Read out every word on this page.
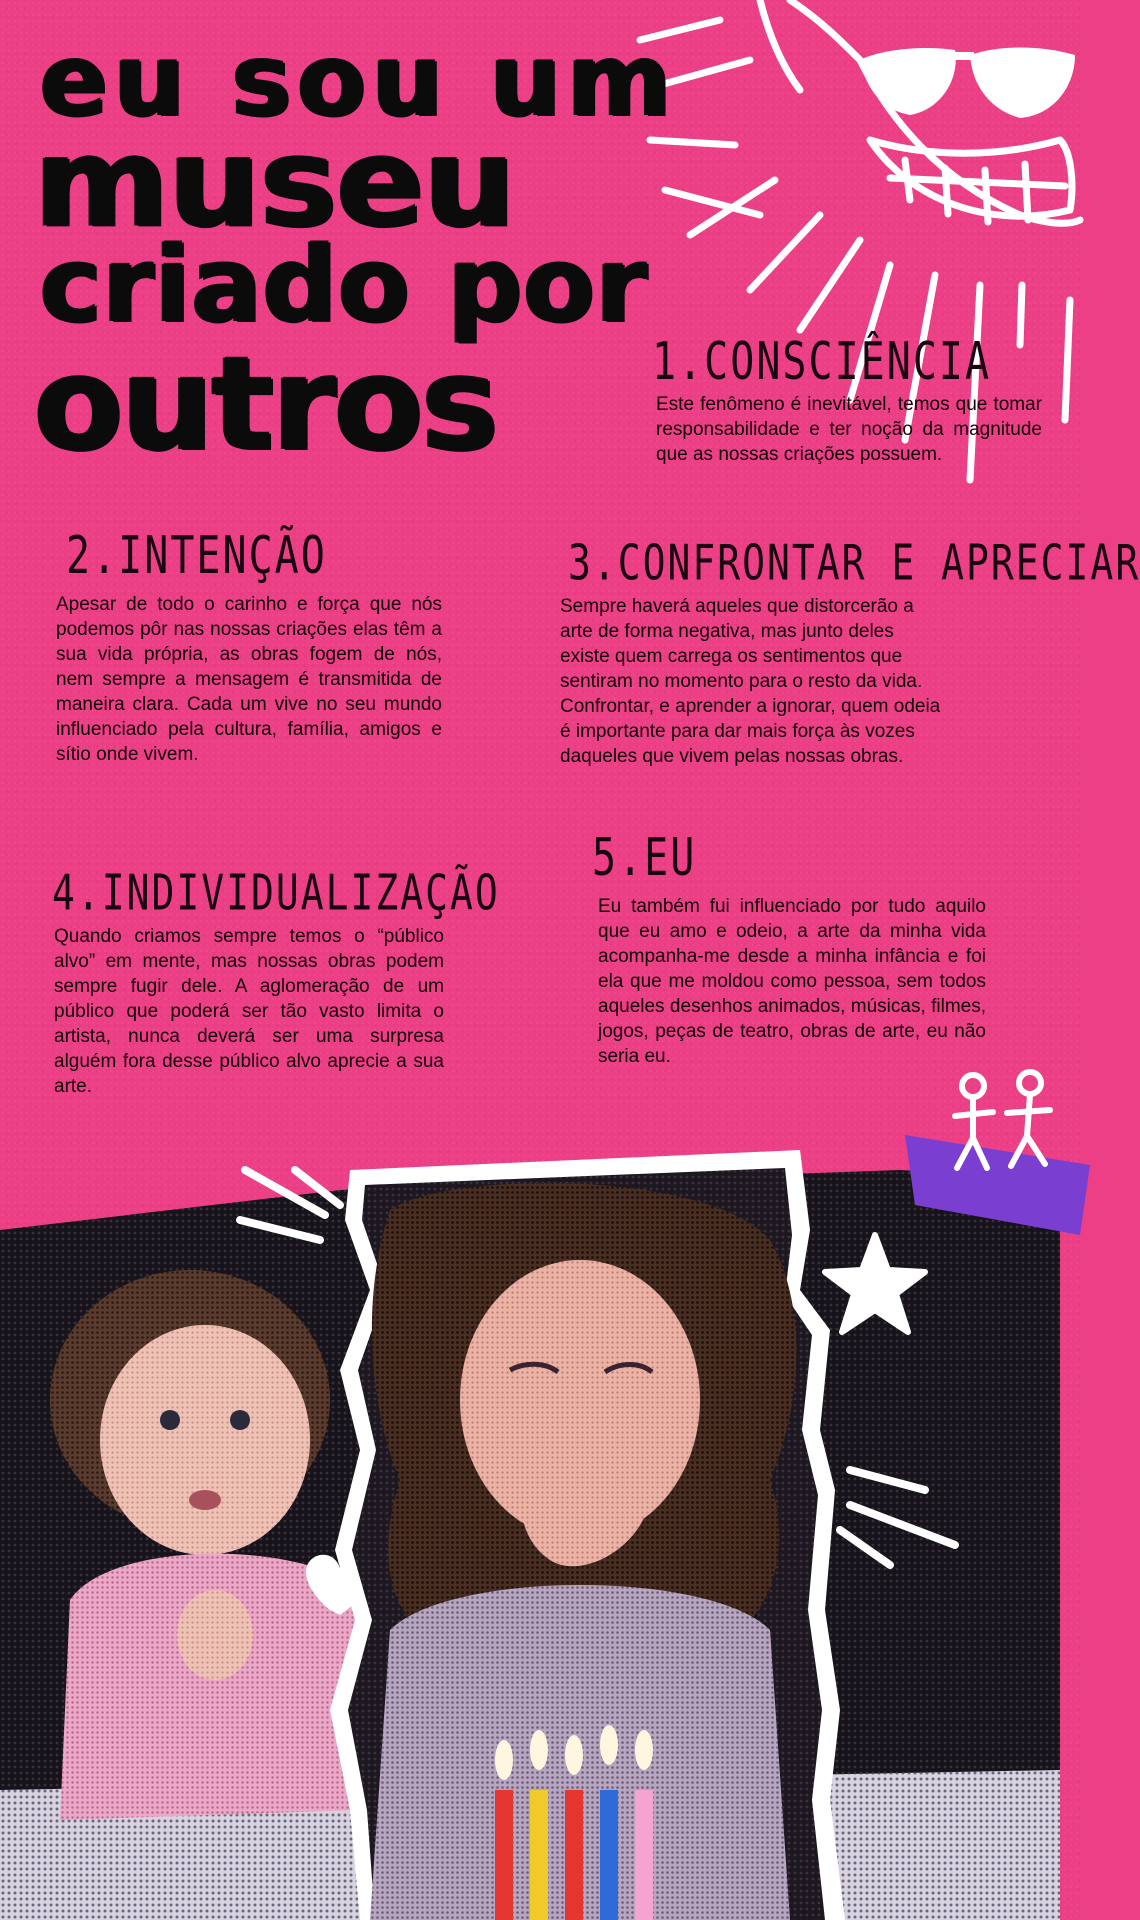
eu sou um
museu
criado por
outros	1.CONSCIÊNCIA

Este fenômeno é inevitável, temos que tomar responsabilidade e ter noção da magnitude que as nossas criações possuem.

2.INTENÇÃO

Apesar de todo o carinho e força que nós podemos pôr nas nossas criações elas têm a sua vida própria, as obras fogem de nós, nem sempre a mensagem é transmitida de maneira clara. Cada um vive no seu mundo influenciado pela cultura, família, amigos e sítio onde vivem.

3.CONFRONTAR E APRECIAR

Sempre haverá aqueles que distorcerão a arte de forma negativa, mas junto deles existe quem carrega os sentimentos que sentiram no momento para o resto da vida. Confrontar, e aprender a ignorar, quem odeia é importante para dar mais força às vozes daqueles que vivem pelas nossas obras.

4.INDIVIDUALIZAÇÃO

Quando criamos sempre temos o “público alvo” em mente, mas nossas obras podem sempre fugir dele. A aglomeração de um público que poderá ser tão vasto limita o artista, nunca deverá ser uma surpresa alguém fora desse público alvo aprecie a sua arte.

5.EU

Eu também fui influenciado por tudo aquilo que eu amo e odeio, a arte da minha vida acompanha-me desde a minha infância e foi ela que me moldou como pessoa, sem todos aqueles desenhos animados, músicas, filmes, jogos, peças de teatro, obras de arte, eu não seria eu.
